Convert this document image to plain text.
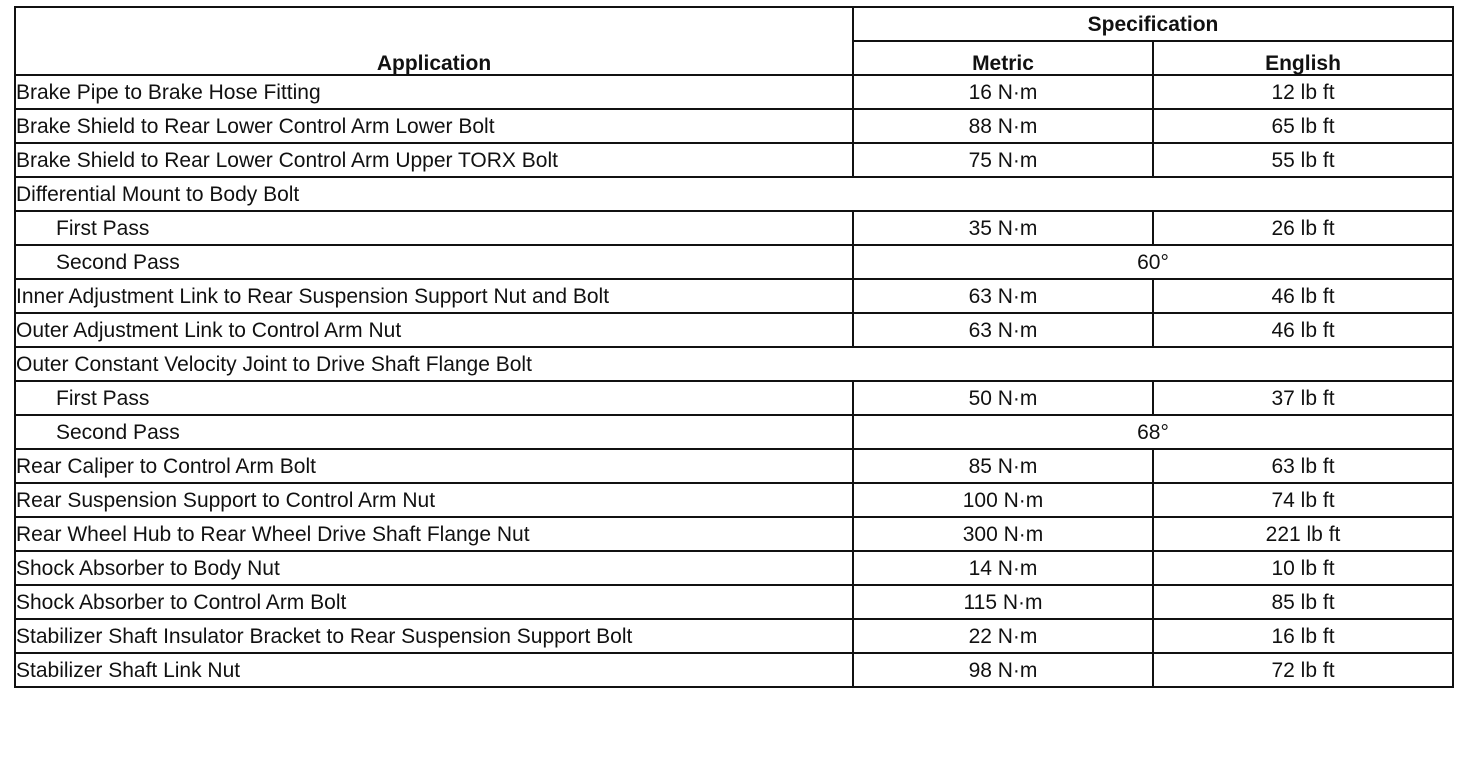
Application	Specification	
	Metric	English
Brake Pipe to Brake Hose Fitting	16 N·m	12 lb ft
Brake Shield to Rear Lower Control Arm Lower Bolt	88 N·m	65 lb ft
Brake Shield to Rear Lower Control Arm Upper TORX Bolt	75 N·m	55 lb ft
Differential Mount to Body Bolt		
First Pass	35 N·m	26 lb ft
Second Pass	60°	
Inner Adjustment Link to Rear Suspension Support Nut and Bolt	63 N·m	46 lb ft
Outer Adjustment Link to Control Arm Nut	63 N·m	46 lb ft
Outer Constant Velocity Joint to Drive Shaft Flange Bolt		
First Pass	50 N·m	37 lb ft
Second Pass	68°	
Rear Caliper to Control Arm Bolt	85 N·m	63 lb ft
Rear Suspension Support to Control Arm Nut	100 N·m	74 lb ft
Rear Wheel Hub to Rear Wheel Drive Shaft Flange Nut	300 N·m	221 lb ft
Shock Absorber to Body Nut	14 N·m	10 lb ft
Shock Absorber to Control Arm Bolt	115 N·m	85 lb ft
Stabilizer Shaft Insulator Bracket to Rear Suspension Support Bolt	22 N·m	16 lb ft
Stabilizer Shaft Link Nut	98 N·m	72 lb ft
